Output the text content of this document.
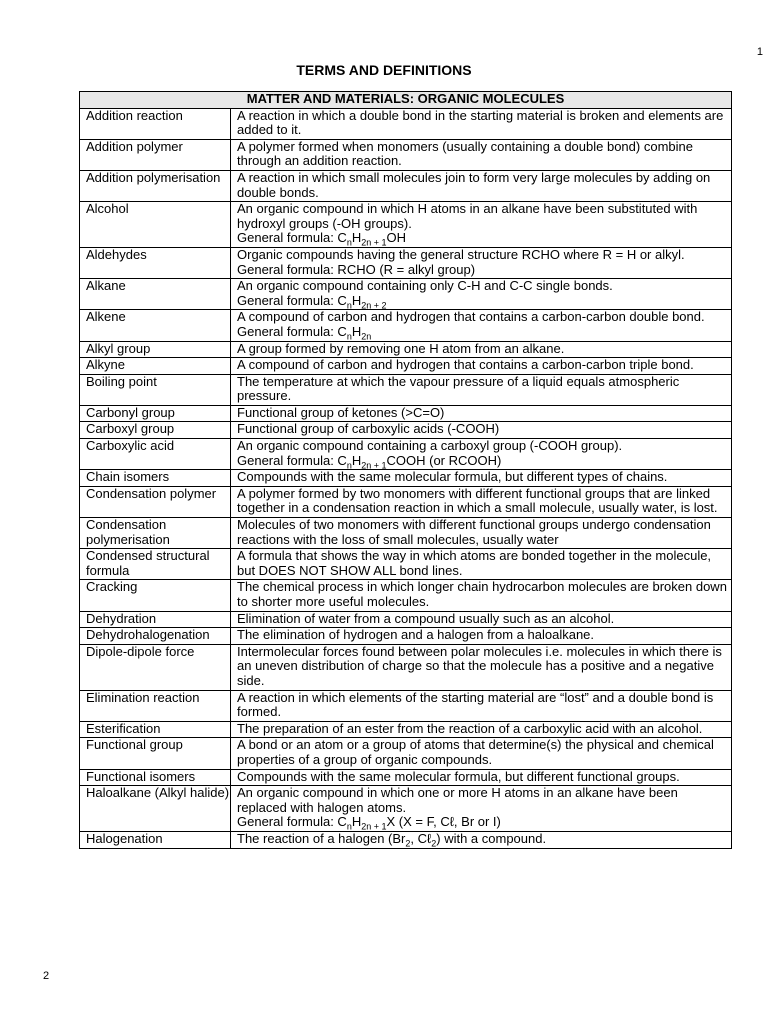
1
TERMS AND DEFINITIONS
MATTER AND MATERIALS: ORGANIC MOLECULES	
Addition reaction	A reaction in which a double bond in the starting material is broken and elements are added to it.
Addition polymer	A polymer formed when monomers (usually containing a double bond) combine through an addition reaction.
Addition polymerisation	A reaction in which small molecules join to form very large molecules by adding on double bonds.
Alcohol	An organic compound in which H atoms in an alkane have been substituted with hydroxyl groups (-OH groups).
General formula: $C_nH_{2n + 1}OH$
Aldehydes	Organic compounds having the general structure RCHO where R = H or alkyl.
General formula: RCHO (R = alkyl group)
Alkane	An organic compound containing only C-H and C-C single bonds.
General formula: $C_nH_{2n + 2}$
Alkene	A compound of carbon and hydrogen that contains a carbon-carbon double bond. General formula: $C_nH_{2n}$
Alkyl group	A group formed by removing one H atom from an alkane.
Alkyne	A compound of carbon and hydrogen that contains a carbon-carbon triple bond.
Boiling point	The temperature at which the vapour pressure of a liquid equals atmospheric pressure.
Carbonyl group	Functional group of ketones (>C=O)
Carboxyl group	Functional group of carboxylic acids (-COOH)
Carboxylic acid	An organic compound containing a carboxyl group (-COOH group).
General formula: $C_nH_{2n + 1}COOH$ (or RCOOH)
Chain isomers	Compounds with the same molecular formula, but different types of chains.
Condensation polymer	A polymer formed by two monomers with different functional groups that are linked together in a condensation reaction in which a small molecule, usually water, is lost.
Condensation polymerisation	Molecules of two monomers with different functional groups undergo condensation reactions with the loss of small molecules, usually water
Condensed structural formula	A formula that shows the way in which atoms are bonded together in the molecule, but DOES NOT SHOW ALL bond lines.
Cracking	The chemical process in which longer chain hydrocarbon molecules are broken down to shorter more useful molecules.
Dehydration	Elimination of water from a compound usually such as an alcohol.
Dehydrohalogenation	The elimination of hydrogen and a halogen from a haloalkane.
Dipole-dipole force	Intermolecular forces found between polar molecules i.e. molecules in which there is an uneven distribution of charge so that the molecule has a positive and a negative side.
Elimination reaction	A reaction in which elements of the starting material are “lost” and a double bond is formed.
Esterification	The preparation of an ester from the reaction of a carboxylic acid with an alcohol.
Functional group	A bond or an atom or a group of atoms that determine(s) the physical and chemical properties of a group of organic compounds.
Functional isomers	Compounds with the same molecular formula, but different functional groups.
Haloalkane (Alkyl halide)	An organic compound in which one or more H atoms in an alkane have been replaced with halogen atoms.
General formula: $C_nH_{2n + 1}X$ (X = F, Cℓ, Br or I)
Halogenation	The reaction of a halogen ($Br_2$, Cℓ$_2$) with a compound.
2
